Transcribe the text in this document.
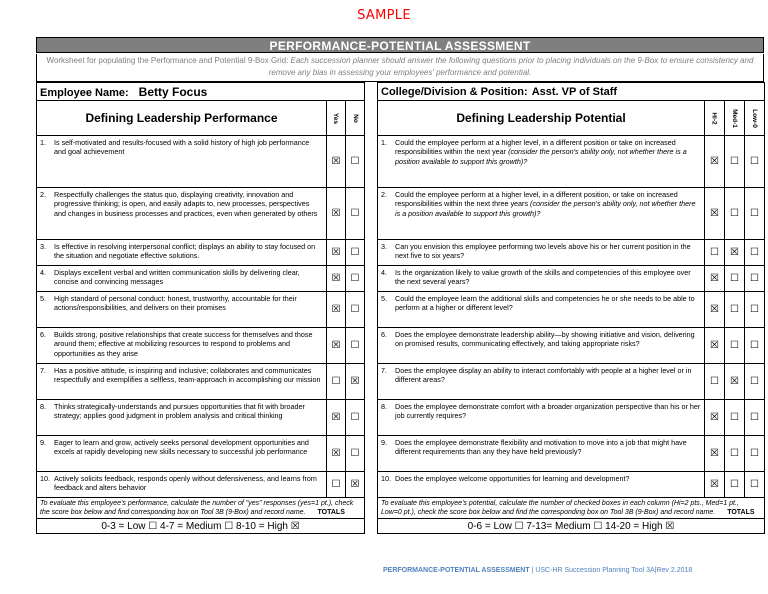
SAMPLE
PERFORMANCE-POTENTIAL ASSESSMENT
Worksheet for populating the Performance and Potential 9-Box Grid: Each succession planner should answer the following questions prior to placing individuals on the 9-Box to ensure consistency and remove any bias in assessing your employees' performance and potential.
Employee Name: Betty Focus		
Defining Leadership Performance	Yes	No
1. Is self-motivated and results-focused with a solid history of high job performance and goal achievement	☒	☐
2. Respectfully challenges the status quo, displaying creativity, innovation and progressive thinking; is open, and easily adapts to, new processes, perspectives and changes in business processes and practices, even when generated by others	☒	☐
3. Is effective in resolving interpersonal conflict; displays an ability to stay focused on the situation and negotiate effective solutions.	☒	☐
4. Displays excellent verbal and written communication skills by delivering clear, concise and convincing messages	☒	☐
5. High standard of personal conduct: honest, trustworthy, accountable for their actions/responsibilities, and delivers on their promises	☒	☐
6. Builds strong, positive relationships that create success for themselves and those around them; effective at mobilizing resources to respond to problems and opportunities as they arise	☒	☐
7. Has a positive attitude, is inspiring and inclusive; collaborates and communicates respectfully and exemplifies a selfless, team-approach in accomplishing our mission	☐	☒
8. Thinks strategically-understands and pursues opportunities that fit with broader strategy; applies good judgment in problem analysis and critical thinking	☒	☐
9. Eager to learn and grow, actively seeks personal development opportunities and excels at rapidly developing new skills necessary to successful job performance	☒	☐
10. Actively solicits feedback, responds openly without defensiveness, and learns from feedback and alters behavior	☐	☒
To evaluate this employee's performance, calculate the number of "yes" responses (yes=1 pt.), check the score box below and find corresponding box on Tool 3B (9-Box) and record name. TOTALS		
0-3 = Low ☐ 4-7 = Medium ☐ 8-10 = High ☒		
College/Division & Position: Asst. VP of Staff			
Defining Leadership Potential	Hi-2	Med-1	Low-0
1. Could the employee perform at a higher level, in a different position or take on increased responsibilities within the next year (consider the person's ability only, not whether there is a position available to support this growth)?	☒	☐	☐
2. Could the employee perform at a higher level, in a different position, or take on increased responsibilities within the next three years (consider the person's ability only, not whether there is a position available to support this growth)?	☒	☐	☐
3. Can you envision this employee performing two levels above his or her current position in the next five to six years?	☐	☒	☐
4. Is the organization likely to value growth of the skills and competencies of this employee over the next several years?	☒	☐	☐
5. Could the employee learn the additional skills and competencies he or she needs to be able to perform at a higher or different level?	☒	☐	☐
6. Does the employee demonstrate leadership ability—by showing initiative and vision, delivering on promised results, communicating effectively, and taking appropriate risks?	☒	☐	☐
7. Does the employee display an ability to interact comfortably with people at a higher level or in different areas?	☐	☒	☐
8. Does the employee demonstrate comfort with a broader organization perspective than his or her job currently requires?	☒	☐	☐
9. Does the employee demonstrate flexibility and motivation to move into a job that might have different requirements than any they have held previously?	☒	☐	☐
10. Does the employee welcome opportunities for learning and development?	☒	☐	☐
To evaluate this employee's potential, calculate the number of checked boxes in each column (Hi=2 pts., Med=1 pt., Low=0 pt.), check the score box below and find the corresponding box on Tool 3B (9-Box) and record name. TOTALS			
0-6 = Low ☐ 7-13= Medium ☐ 14-20 = High ☒			
PERFORMANCE-POTENTIAL ASSESSMENT | USC-HR Succession Planning Tool 3A|Rev 2.2018
